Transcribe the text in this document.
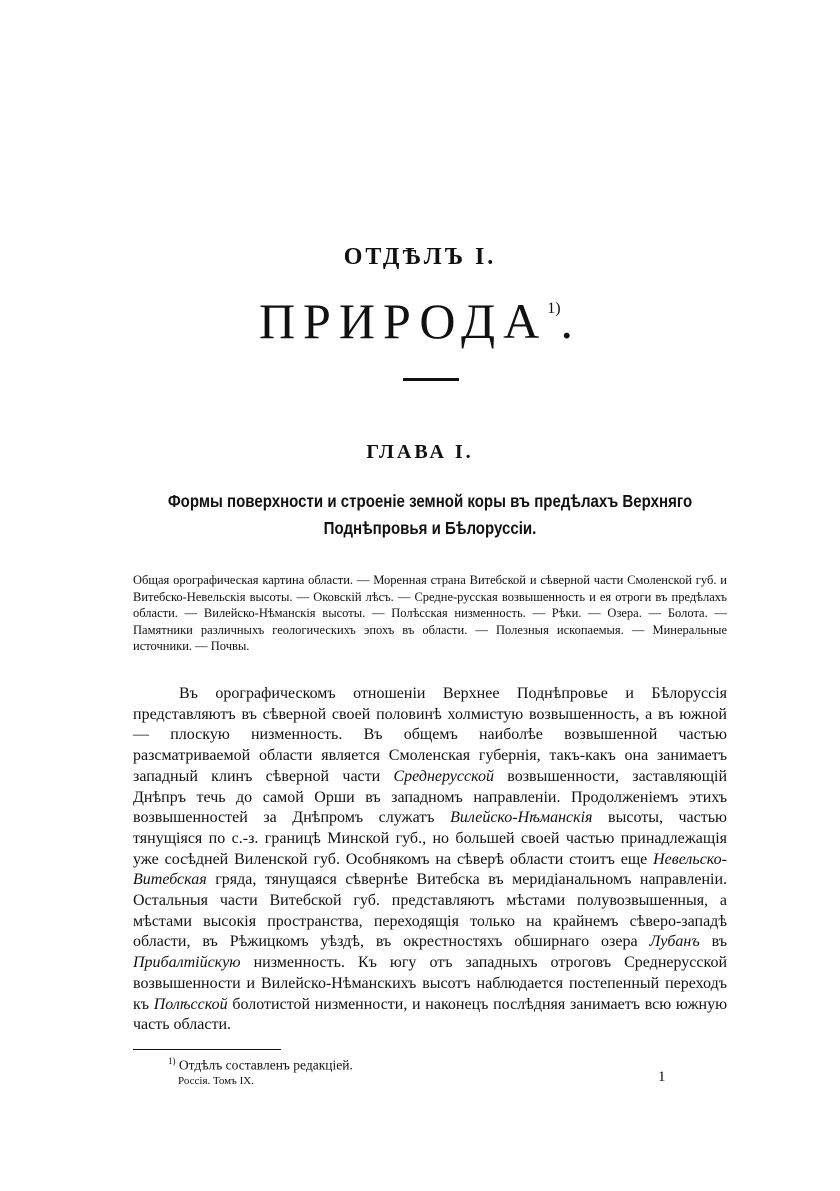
ОТДѢЛЪ I.
ПРИРОДА$^{1)}$.
ГЛАВА I.
Формы поверхности и строеніе земной коры въ предѣлахъ Верхняго Поднѣпровья и Бѣлоруссіи.
Общая орографическая картина области. — Моренная страна Витебской и сѣверной части Смоленской губ. и Витебско-Невельскія высоты. — Оковскій лѣсъ. — Средне-русская возвышенность и ея отроги въ предѣлахъ области. — Вилейско-Нѣманскія высоты. — Полѣсская низменность. — Рѣки. — Озера. — Болота. — Памятники различныхъ геологическихъ эпохъ въ области. — Полезныя ископаемыя. — Минеральные источники. — Почвы.
Въ орографическомъ отношеніи Верхнее Поднѣпровье и Бѣлоруссія представляютъ въ сѣверной своей половинѣ холмистую возвышенность, а въ южной — плоскую низменность. Въ общемъ наиболѣе возвышенной частью разсматриваемой области является Смоленская губернія, такъ-какъ она занимаетъ западный клинъ сѣверной части Среднерусской возвышенности, заставляющій Днѣпръ течь до самой Орши въ западномъ направленіи. Продолженіемъ этихъ возвышенностей за Днѣпромъ служатъ Вилейско-Нѣманскія высоты, частью тянущіяся по с.-з. границѣ Минской губ., но большей своей частью принадлежащія уже сосѣдней Виленской губ. Особнякомъ на сѣверѣ области стоитъ еще Невельско-Витебская гряда, тянущаяся сѣвернѣе Витебска въ меридіанальномъ направленіи. Остальныя части Витебской губ. представляютъ мѣстами полувозвышенныя, а мѣстами высокія пространства, переходящія только на крайнемъ сѣверо-западѣ области, въ Рѣжицкомъ уѣздѣ, въ окрестностяхъ обширнаго озера Лубанъ въ Прибалтійскую низменность. Къ югу отъ западныхъ отроговъ Среднерусской возвышенности и Вилейско-Нѣманскихъ высотъ наблюдается постепенный переходъ къ Полѣсской болотистой низменности, и наконецъ послѣдняя занимаетъ всю южную часть области.
$^{1)}$ Отдѣлъ составленъ редакціей.
Россія. Томъ IX.	1
